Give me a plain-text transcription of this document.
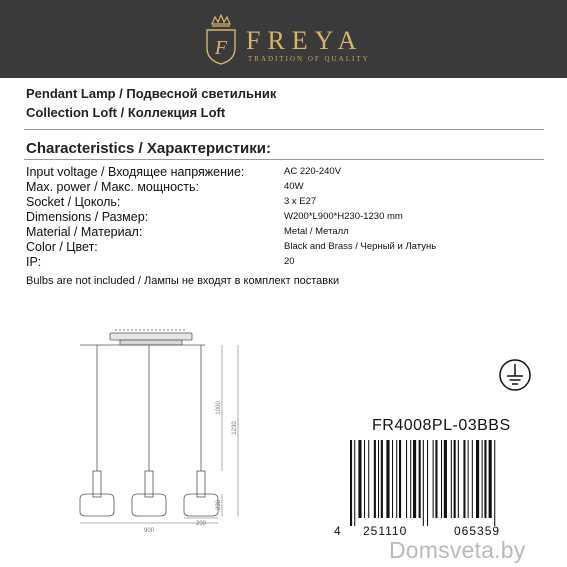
F FREYA
TRADITION OF QUALITY
Pendant Lamp / Подвесной светильник
Collection Loft / Коллекция Loft
Characteristics / Характеристики:
Input voltage / Входящее напряжение:	AC 220-240V
Max. power / Макс. мощность:	40W
Socket / Цоколь:	3 x E27
Dimensions / Размер:	W200*L900*H230-1230 mm
Material / Материал:	Metal / Металл
Color / Цвет:	Black and Brass / Черный и Латунь
IP:	20
Bulbs are not included / Лампы не входят в комплект поставки
900
200
1000
230
1230	FR4008PL-03BBS
4 251110	065359
Domsveta.by
